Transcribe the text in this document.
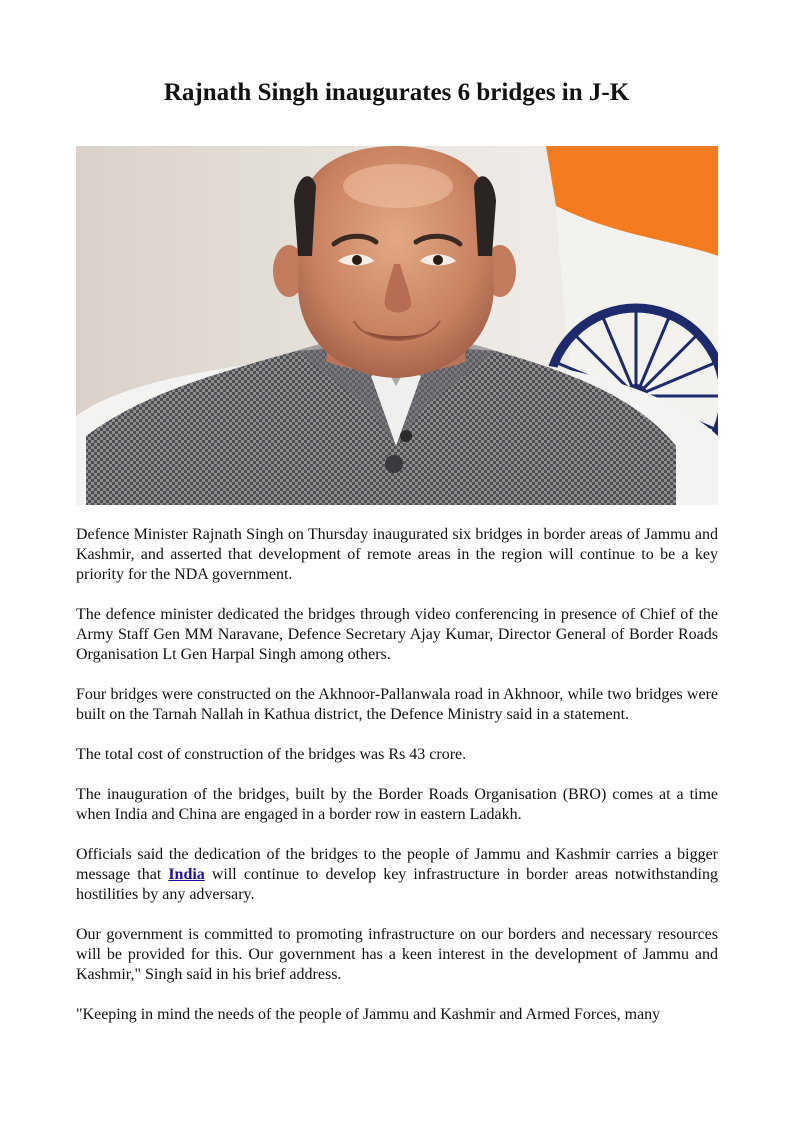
Rajnath Singh inaugurates 6 bridges in J-K

Defence Minister Rajnath Singh on Thursday inaugurated six bridges in border areas of Jammu and Kashmir, and asserted that development of remote areas in the region will continue to be a key priority for the NDA government.

The defence minister dedicated the bridges through video conferencing in presence of Chief of the Army Staff Gen MM Naravane, Defence Secretary Ajay Kumar, Director General of Border Roads Organisation Lt Gen Harpal Singh among others.

Four bridges were constructed on the Akhnoor-Pallanwala road in Akhnoor, while two bridges were built on the Tarnah Nallah in Kathua district, the Defence Ministry said in a statement.

The total cost of construction of the bridges was Rs 43 crore.

The inauguration of the bridges, built by the Border Roads Organisation (BRO) comes at a time when India and China are engaged in a border row in eastern Ladakh.

Officials said the dedication of the bridges to the people of Jammu and Kashmir carries a bigger message that India will continue to develop key infrastructure in border areas notwithstanding hostilities by any adversary.

Our government is committed to promoting infrastructure on our borders and necessary resources will be provided for this. Our government has a keen interest in the development of Jammu and Kashmir," Singh said in his brief address.

"Keeping in mind the needs of the people of Jammu and Kashmir and Armed Forces, many
